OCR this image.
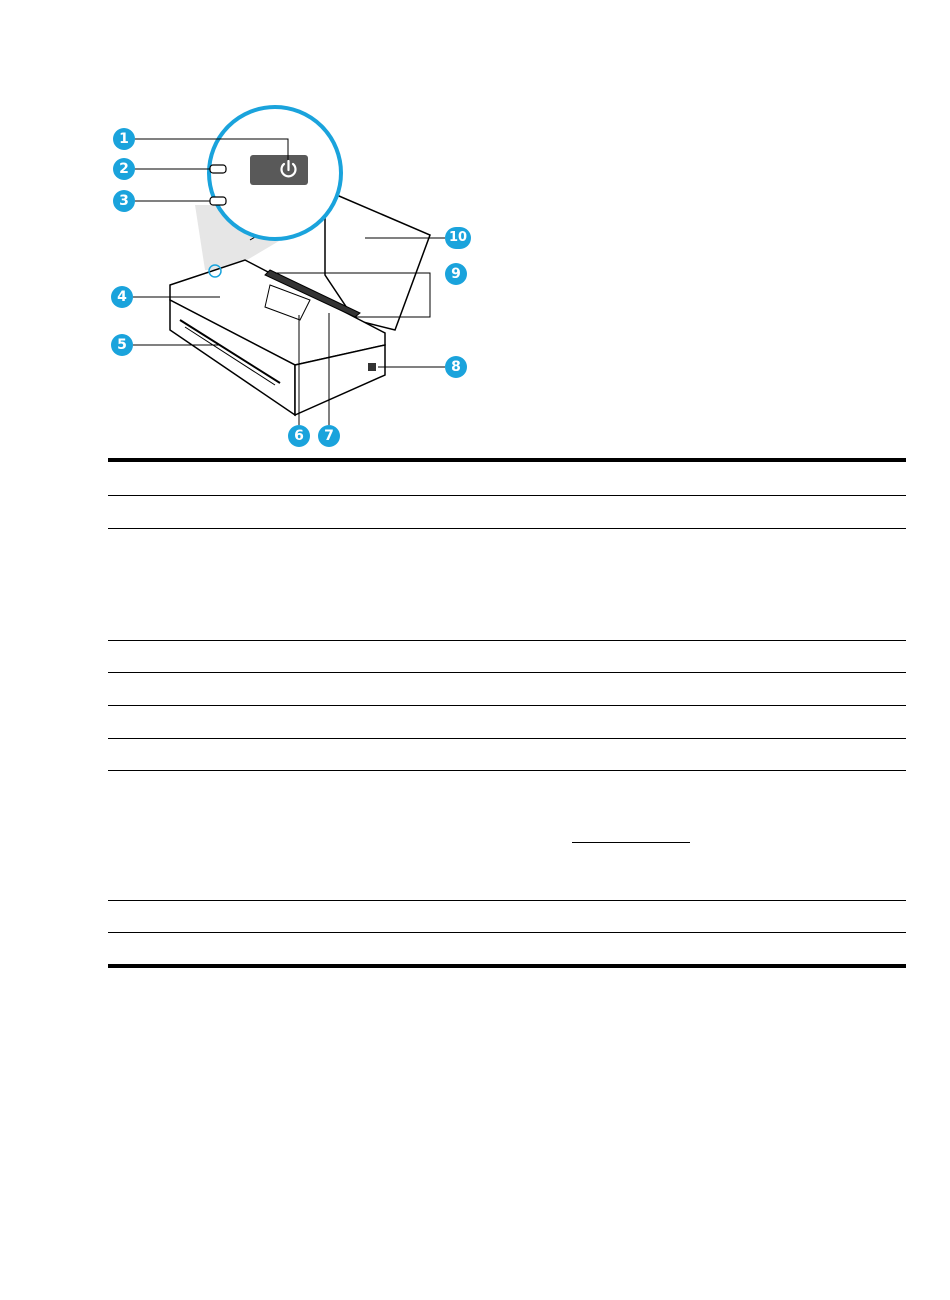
1
2
3
4
5
6	7
8
9
10
